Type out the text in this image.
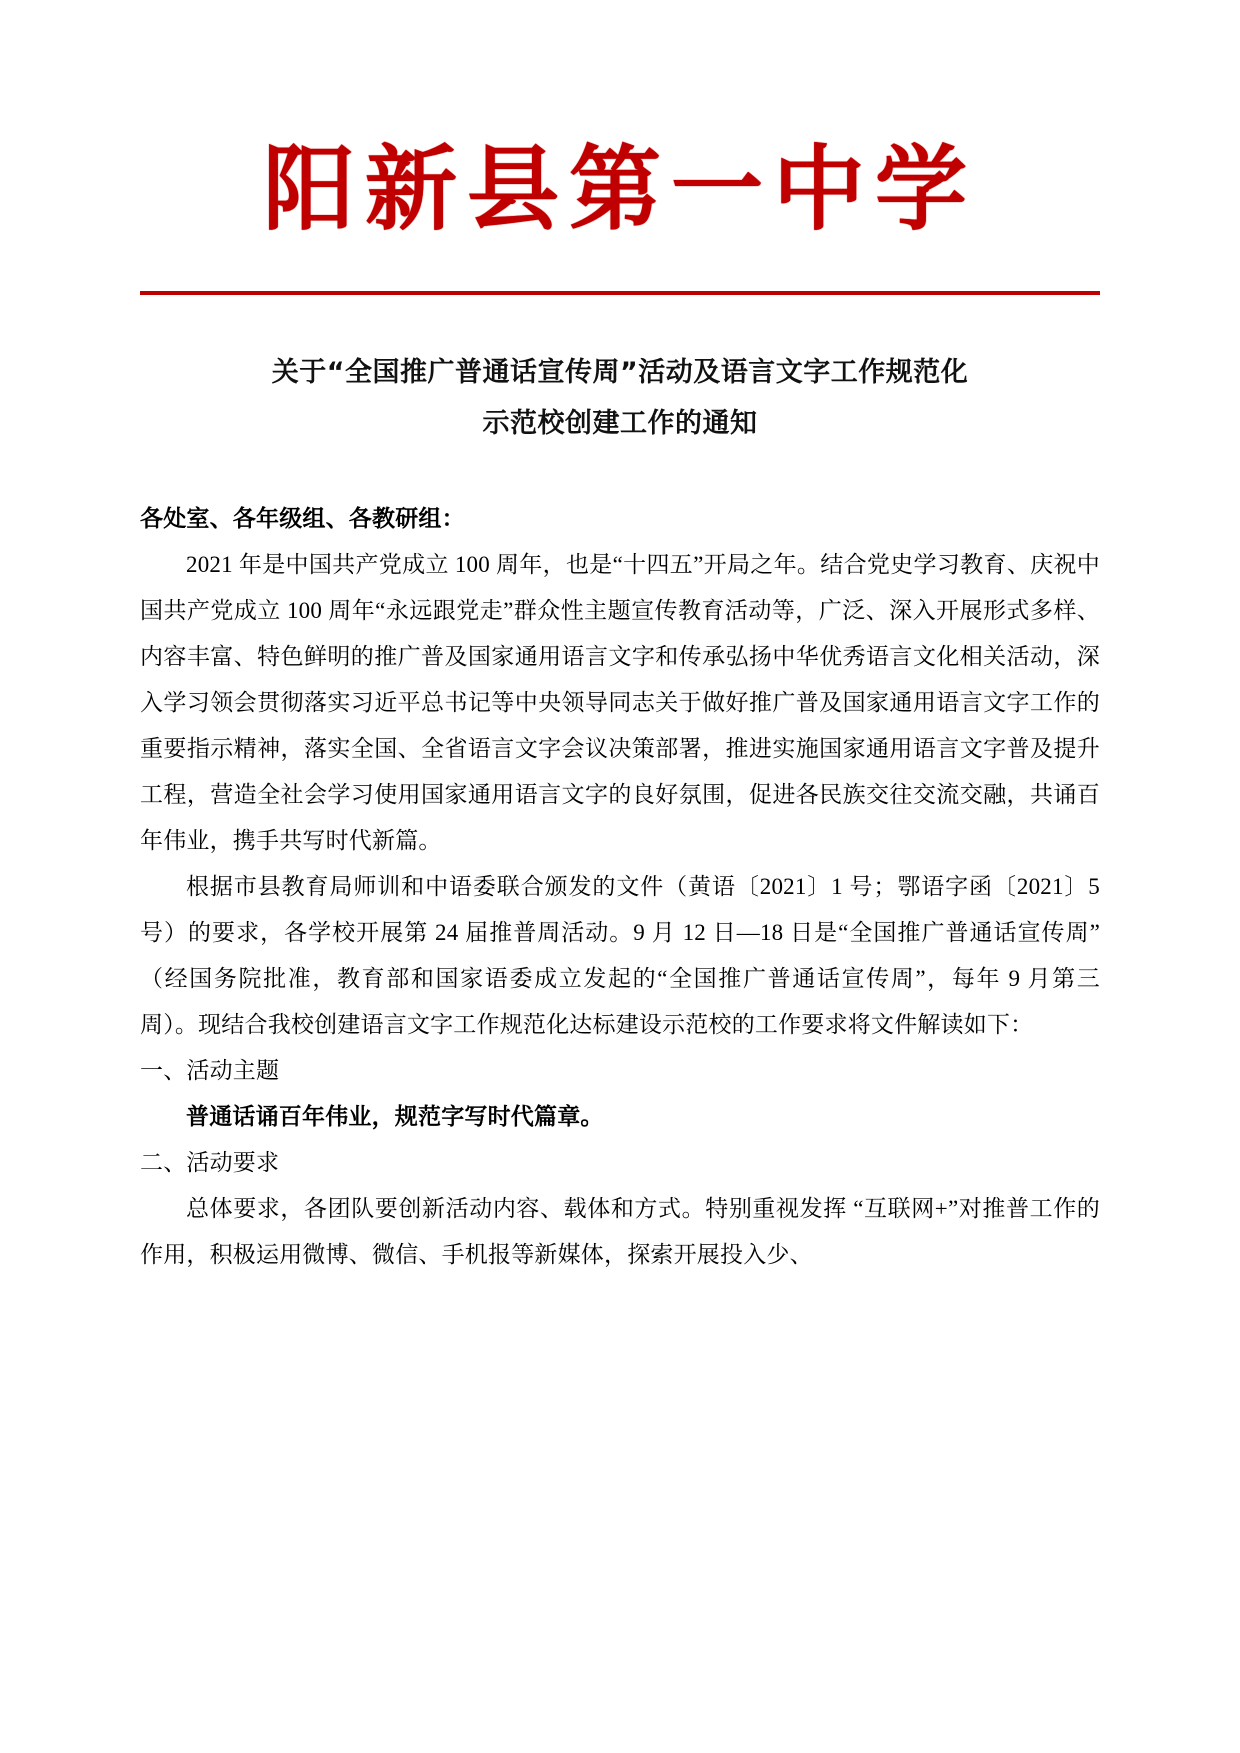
阳新县第一中学
关于“全国推广普通话宣传周”活动及语言文字工作规范化
示范校创建工作的通知

各处室、各年级组、各教研组：

2021 年是中国共产党成立 100 周年，也是“十四五”开局之年。结合党史学习教育、庆祝中国共产党成立 100 周年“永远跟党走”群众性主题宣传教育活动等，广泛、深入开展形式多样、内容丰富、特色鲜明的推广普及国家通用语言文字和传承弘扬中华优秀语言文化相关活动，深入学习领会贯彻落实习近平总书记等中央领导同志关于做好推广普及国家通用语言文字工作的重要指示精神，落实全国、全省语言文字会议决策部署，推进实施国家通用语言文字普及提升工程，营造全社会学习使用国家通用语言文字的良好氛围，促进各民族交往交流交融，共诵百年伟业，携手共写时代新篇。

根据市县教育局师训和中语委联合颁发的文件（黄语〔2021〕1 号；鄂语字函〔2021〕5 号）的要求，各学校开展第 24 届推普周活动。9 月 12 日—18 日是“全国推广普通话宣传周”（经国务院批准，教育部和国家语委成立发起的“全国推广普通话宣传周”，每年 9 月第三周）。现结合我校创建语言文字工作规范化达标建设示范校的工作要求将文件解读如下：

一、活动主题

普通话诵百年伟业，规范字写时代篇章。

二、活动要求

总体要求，各团队要创新活动内容、载体和方式。特别重视发挥 “互联网+”对推普工作的作用，积极运用微博、微信、手机报等新媒体，探索开展投入少、
